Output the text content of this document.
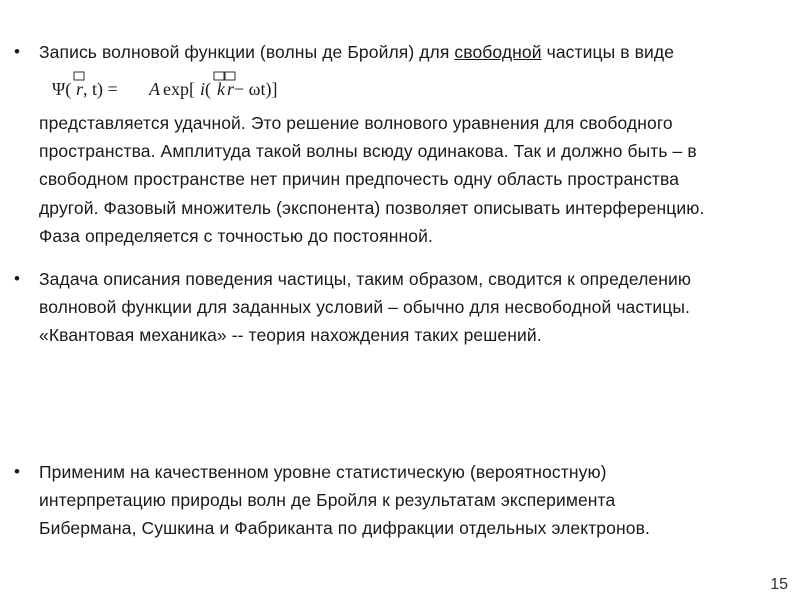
• Запись волновой функции (волны де Бройля) для свободной частицы в виде
Ψ( r , t) = A exp[ i ( k r − ωt)]
представляется удачной. Это решение волнового уравнения для свободного
пространства. Амплитуда такой волны всюду одинакова. Так и должно быть – в
свободном пространстве нет причин предпочесть одну область пространства
другой. Фазовый множитель (экспонента) позволяет описывать интерференцию.
Фаза определяется с точностью до постоянной.
• Задача описания поведения частицы, таким образом, сводится к определению
волновой функции для заданных условий – обычно для несвободной частицы.
«Квантовая механика» -- теория нахождения таких решений.
• Применим на качественном уровне статистическую (вероятностную)
интерпретацию природы волн де Бройля к результатам эксперимента
Бибермана, Сушкина и Фабриканта по дифракции отдельных электронов.
15
